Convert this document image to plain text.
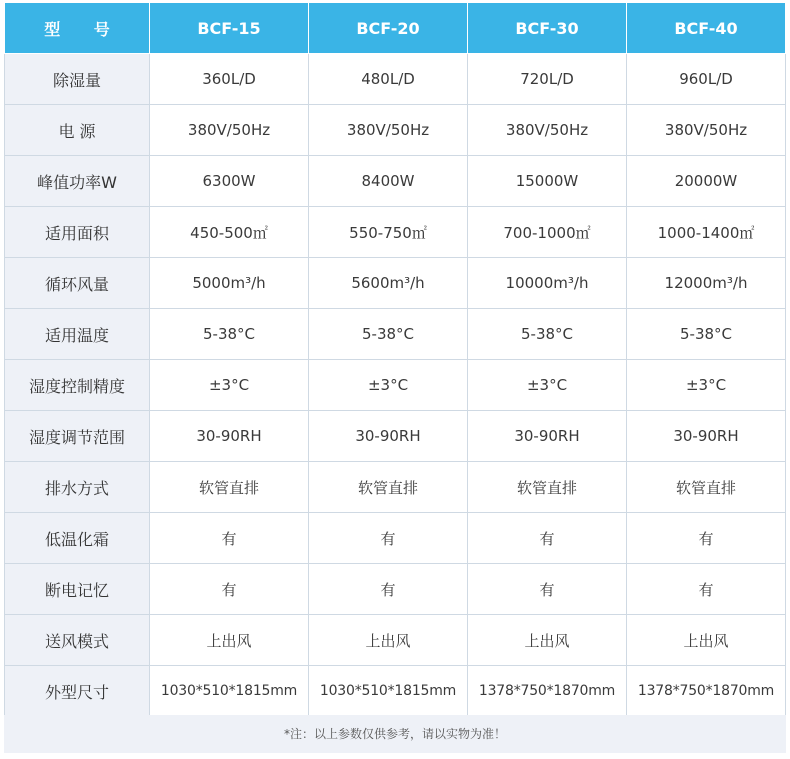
型 号	BCF-15	BCF-20	BCF-30	BCF-40
除湿量	360L/D	480L/D	720L/D	960L/D
电 源	380V/50Hz	380V/50Hz	380V/50Hz	380V/50Hz
峰值功率W	6300W	8400W	15000W	20000W
适用面积	450-500㎡	550-750㎡	700-1000㎡	1000-1400㎡
循环风量	5000m³/h	5600m³/h	10000m³/h	12000m³/h
适用温度	5-38°C	5-38°C	5-38°C	5-38°C
湿度控制精度	±3°C	±3°C	±3°C	±3°C
湿度调节范围	30-90RH	30-90RH	30-90RH	30-90RH
排水方式	软管直排	软管直排	软管直排	软管直排
低温化霜	有	有	有	有
断电记忆	有	有	有	有
送风模式	上出风	上出风	上出风	上出风
外型尺寸	1030*510*1815mm	1030*510*1815mm	1378*750*1870mm	1378*750*1870mm
*注：以上参数仅供参考，请以实物为准！
